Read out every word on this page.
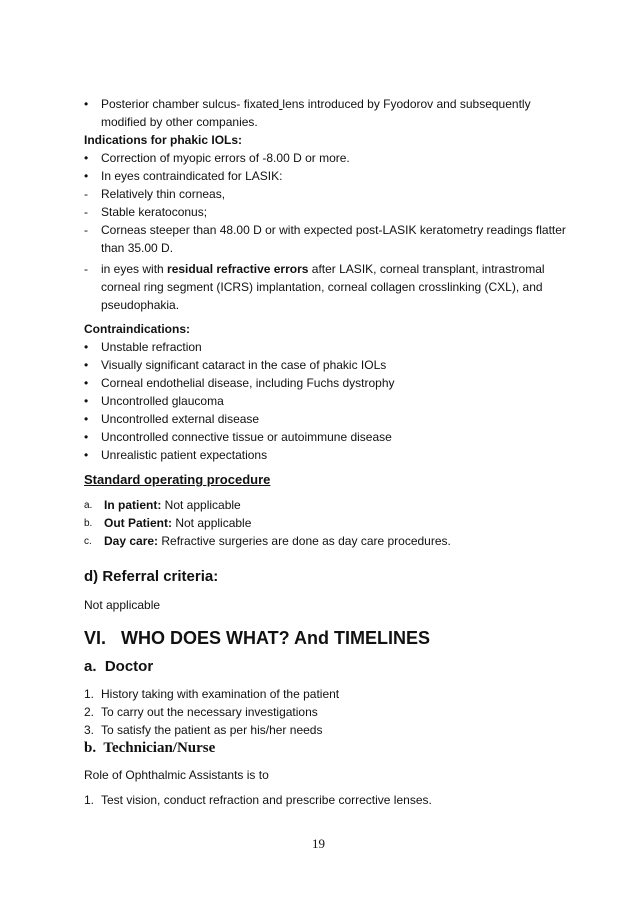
• Posterior chamber sulcus- fixated lens introduced by Fyodorov and subsequently
modified by other companies.
Indications for phakic IOLs:
• Correction of myopic errors of -8.00 D or more.
• In eyes contraindicated for LASIK:
- Relatively thin corneas,
- Stable keratoconus;
- Corneas steeper than 48.00 D or with expected post-LASIK keratometry readings flatter
than 35.00 D.
- in eyes with residual refractive errors after LASIK, corneal transplant, intrastromal
corneal ring segment (ICRS) implantation, corneal collagen crosslinking (CXL), and
pseudophakia.
Contraindications:
• Unstable refraction
• Visually significant cataract in the case of phakic IOLs
• Corneal endothelial disease, including Fuchs dystrophy
• Uncontrolled glaucoma
• Uncontrolled external disease
• Uncontrolled connective tissue or autoimmune disease
• Unrealistic patient expectations
Standard operating procedure
a. In patient: Not applicable
b. Out Patient: Not applicable
c. Day care: Refractive surgeries are done as day care procedures.
d) Referral criteria:
Not applicable
VI.   WHO DOES WHAT? And TIMELINES
a.  Doctor
1. History taking with examination of the patient
2. To carry out the necessary investigations
3. To satisfy the patient as per his/her needs
b.  Technician/Nurse
Role of Ophthalmic Assistants is to
1. Test vision, conduct refraction and prescribe corrective lenses.
19
